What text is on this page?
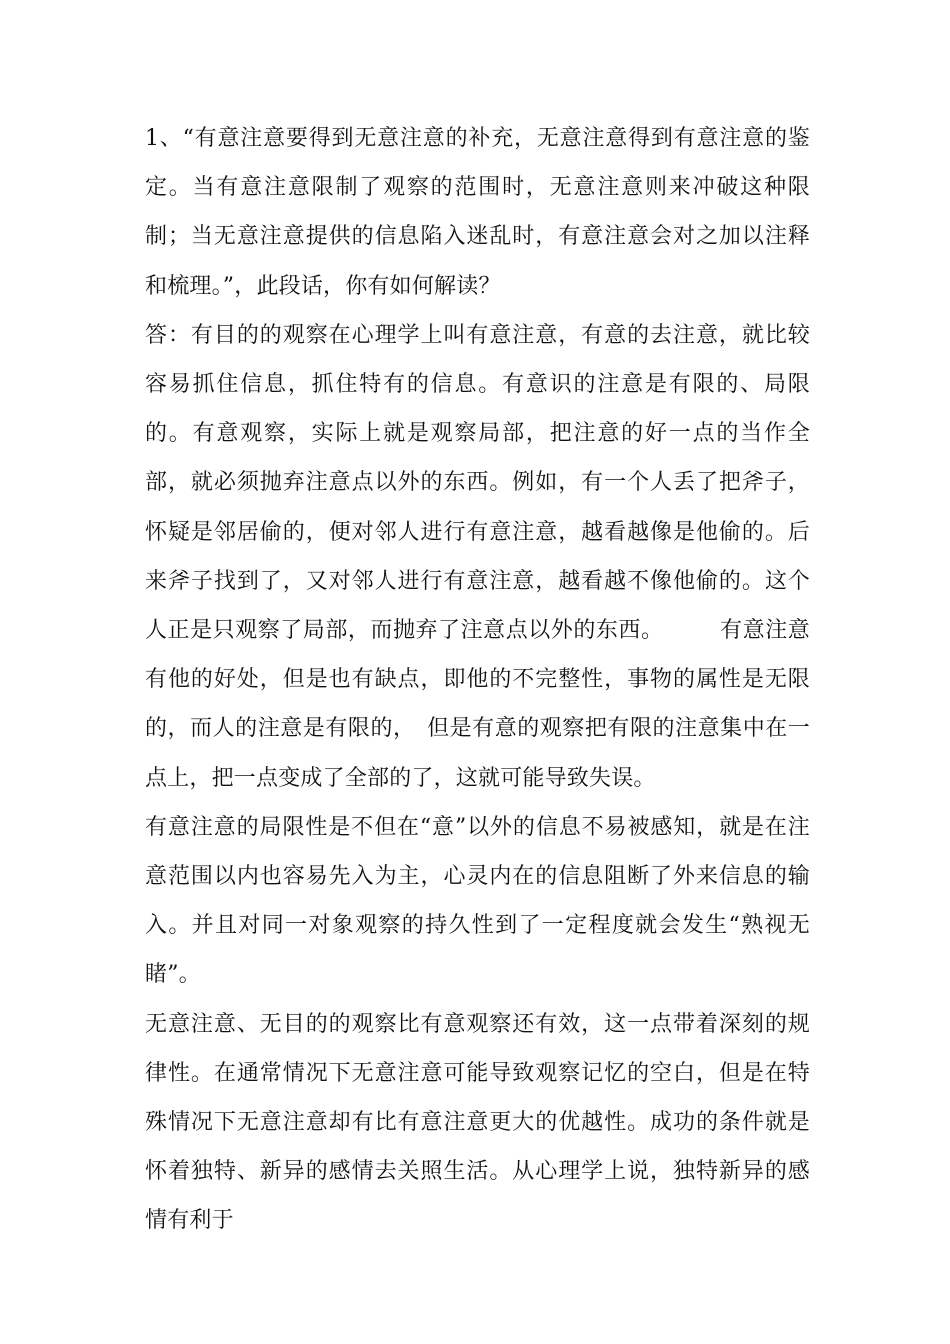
1、“有意注意要得到无意注意的补充，无意注意得到有意注意的鉴定。当有意注意限制了观察的范围时，无意注意则来冲破这种限制；当无意注意提供的信息陷入迷乱时，有意注意会对之加以注释和梳理。”，此段话，你有如何解读？

答：有目的的观察在心理学上叫有意注意，有意的去注意，就比较容易抓住信息，抓住特有的信息。有意识的注意是有限的、局限的。有意观察，实际上就是观察局部，把注意的好一点的当作全部，就必须抛弃注意点以外的东西。例如，有一个人丢了把斧子，怀疑是邻居偷的，便对邻人进行有意注意，越看越像是他偷的。后来斧子找到了，又对邻人进行有意注意，越看越不像他偷的。这个人正是只观察了局部，而抛弃了注意点以外的东西。　　　有意注意有他的好处，但是也有缺点，即他的不完整性，事物的属性是无限的，而人的注意是有限的，　但是有意的观察把有限的注意集中在一点上，把一点变成了全部的了，这就可能导致失误。

有意注意的局限性是不但在“意”以外的信息不易被感知，就是在注意范围以内也容易先入为主，心灵内在的信息阻断了外来信息的输入。并且对同一对象观察的持久性到了一定程度就会发生“熟视无睹”。

无意注意、无目的的观察比有意观察还有效，这一点带着深刻的规律性。在通常情况下无意注意可能导致观察记忆的空白，但是在特殊情况下无意注意却有比有意注意更大的优越性。成功的条件就是怀着独特、新异的感情去关照生活。从心理学上说，独特新异的感情有利于
